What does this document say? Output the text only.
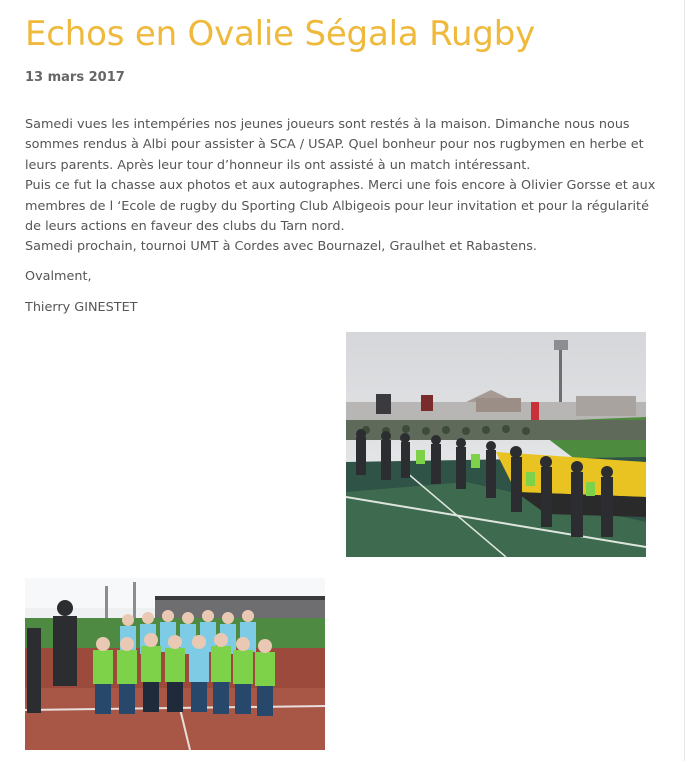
Echos en Ovalie Ségala Rugby
13 mars 2017
Samedi vues les intempéries nos jeunes joueurs sont restés à la maison. Dimanche nous nous
sommes rendus à Albi pour assister à SCA / USAP. Quel bonheur pour nos rugbymen en herbe et
leurs parents. Après leur tour d’honneur ils ont assisté à un match intéressant.
Puis ce fut la chasse aux photos et aux autographes. Merci une fois encore à Olivier Gorsse et aux
membres de l ‘Ecole de rugby du Sporting Club Albigeois pour leur invitation et pour la régularité
de leurs actions en faveur des clubs du Tarn nord.
Samedi prochain, tournoi UMT à Cordes avec Bournazel, Graulhet et Rabastens.
Ovalment,
Thierry GINESTET
